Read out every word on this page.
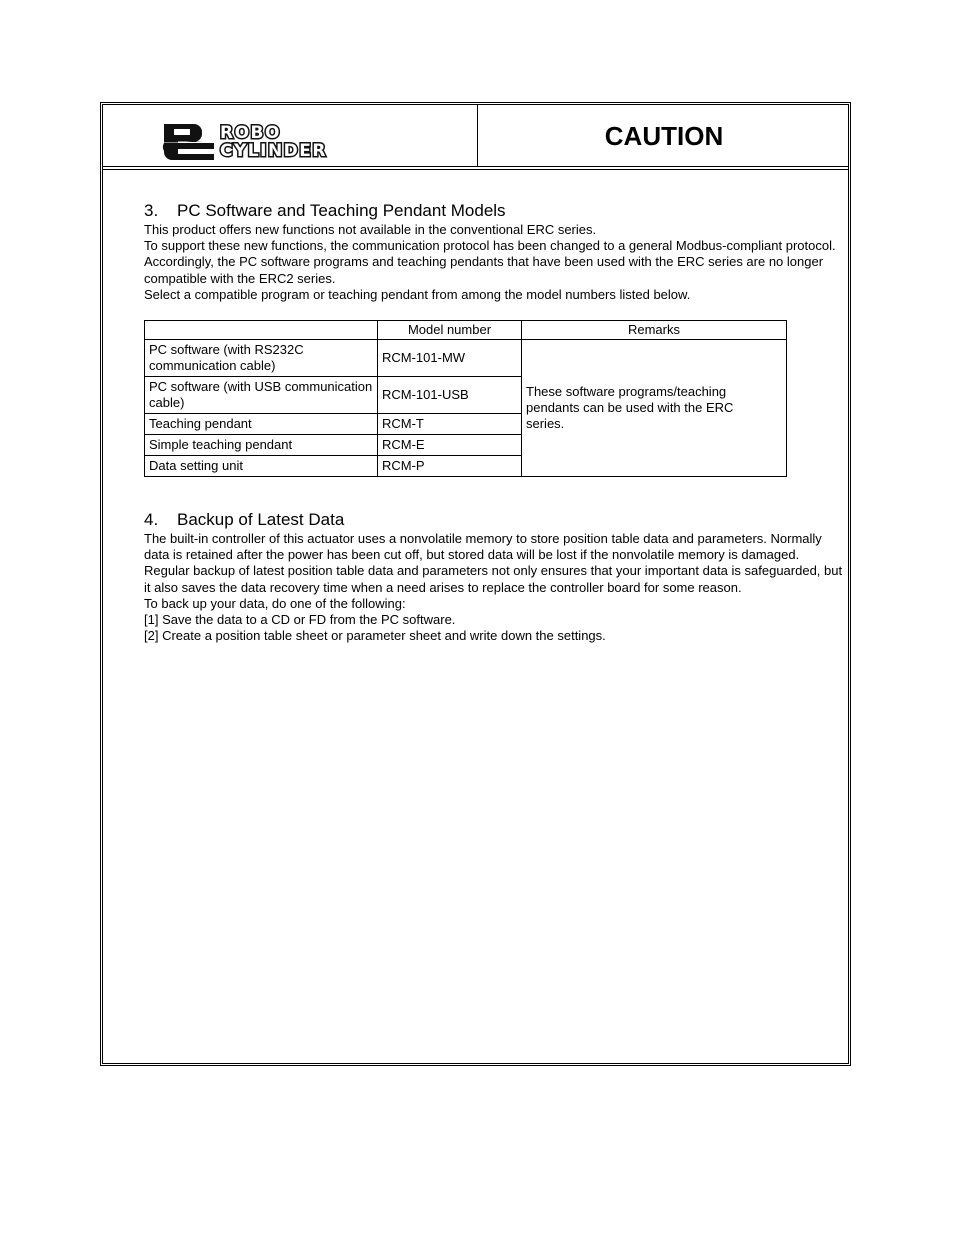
ROBO
CYLINDER
CAUTION
3. PC Software and Teaching Pendant Models

This product offers new functions not available in the conventional ERC series.

To support these new functions, the communication protocol has been changed to a general Modbus-compliant protocol. Accordingly, the PC software programs and teaching pendants that have been used with the ERC series are no longer compatible with the ERC2 series.

Select a compatible program or teaching pendant from among the model numbers listed below.

	Model number	Remarks
PC software (with RS232C communication cable)	RCM-101-MW	These software programs/teaching pendants can be used with the ERC series.
PC software (with USB communication cable)	RCM-101-USB	
Teaching pendant	RCM-T	
Simple teaching pendant	RCM-E	
Data setting unit	RCM-P	
4. Backup of Latest Data

The built-in controller of this actuator uses a nonvolatile memory to store position table data and parameters. Normally data is retained after the power has been cut off, but stored data will be lost if the nonvolatile memory is damaged.

Regular backup of latest position table data and parameters not only ensures that your important data is safeguarded, but it also saves the data recovery time when a need arises to replace the controller board for some reason.

To back up your data, do one of the following:

[1] Save the data to a CD or FD from the PC software.

[2] Create a position table sheet or parameter sheet and write down the settings.
